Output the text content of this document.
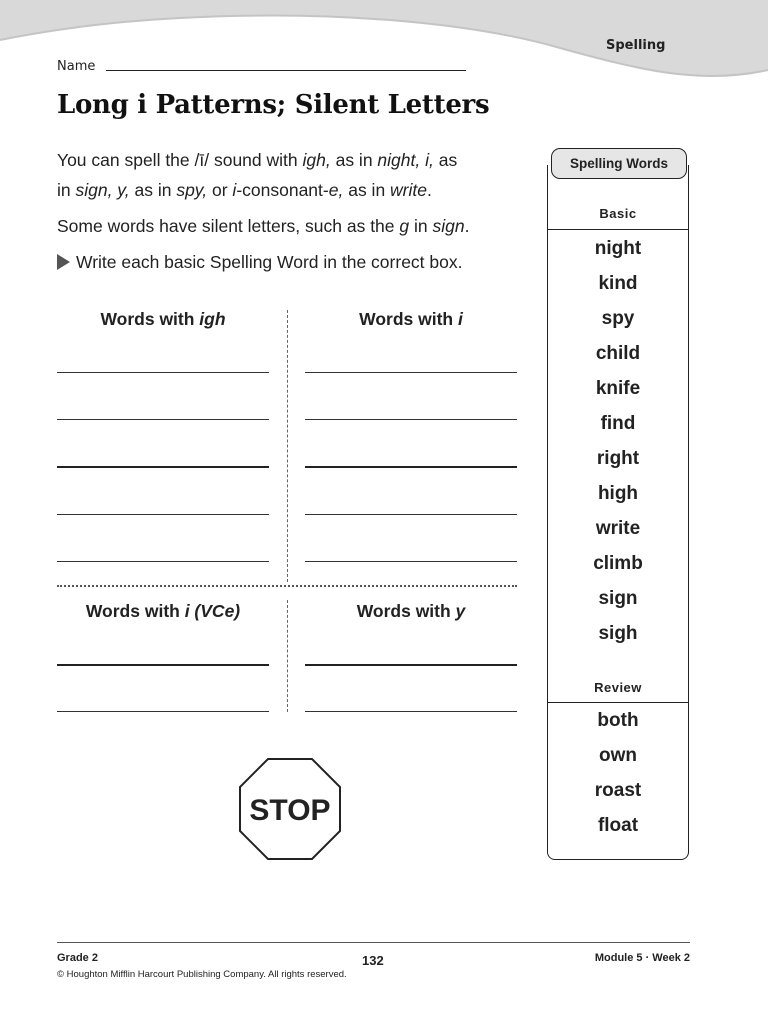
Spelling
Name
Long i Patterns; Silent Letters

You can spell the /ī/ sound with igh, as in night, i, as
in sign, y, as in spy, or i-consonant-e, as in write.

Some words have silent letters, such as the g in sign.

Write each basic Spelling Word in the correct box.

Words with igh	Words with i
Words with i (VCe)	Words with y
STOP
Spelling Words
Basic
night
kind
spy
child
knife
find
right
high
write
climb
sign
sigh
Review
both
own
roast
float
Grade 2
© Houghton Mifflin Harcourt Publishing Company. All rights reserved.
132	Module 5 · Week 2
